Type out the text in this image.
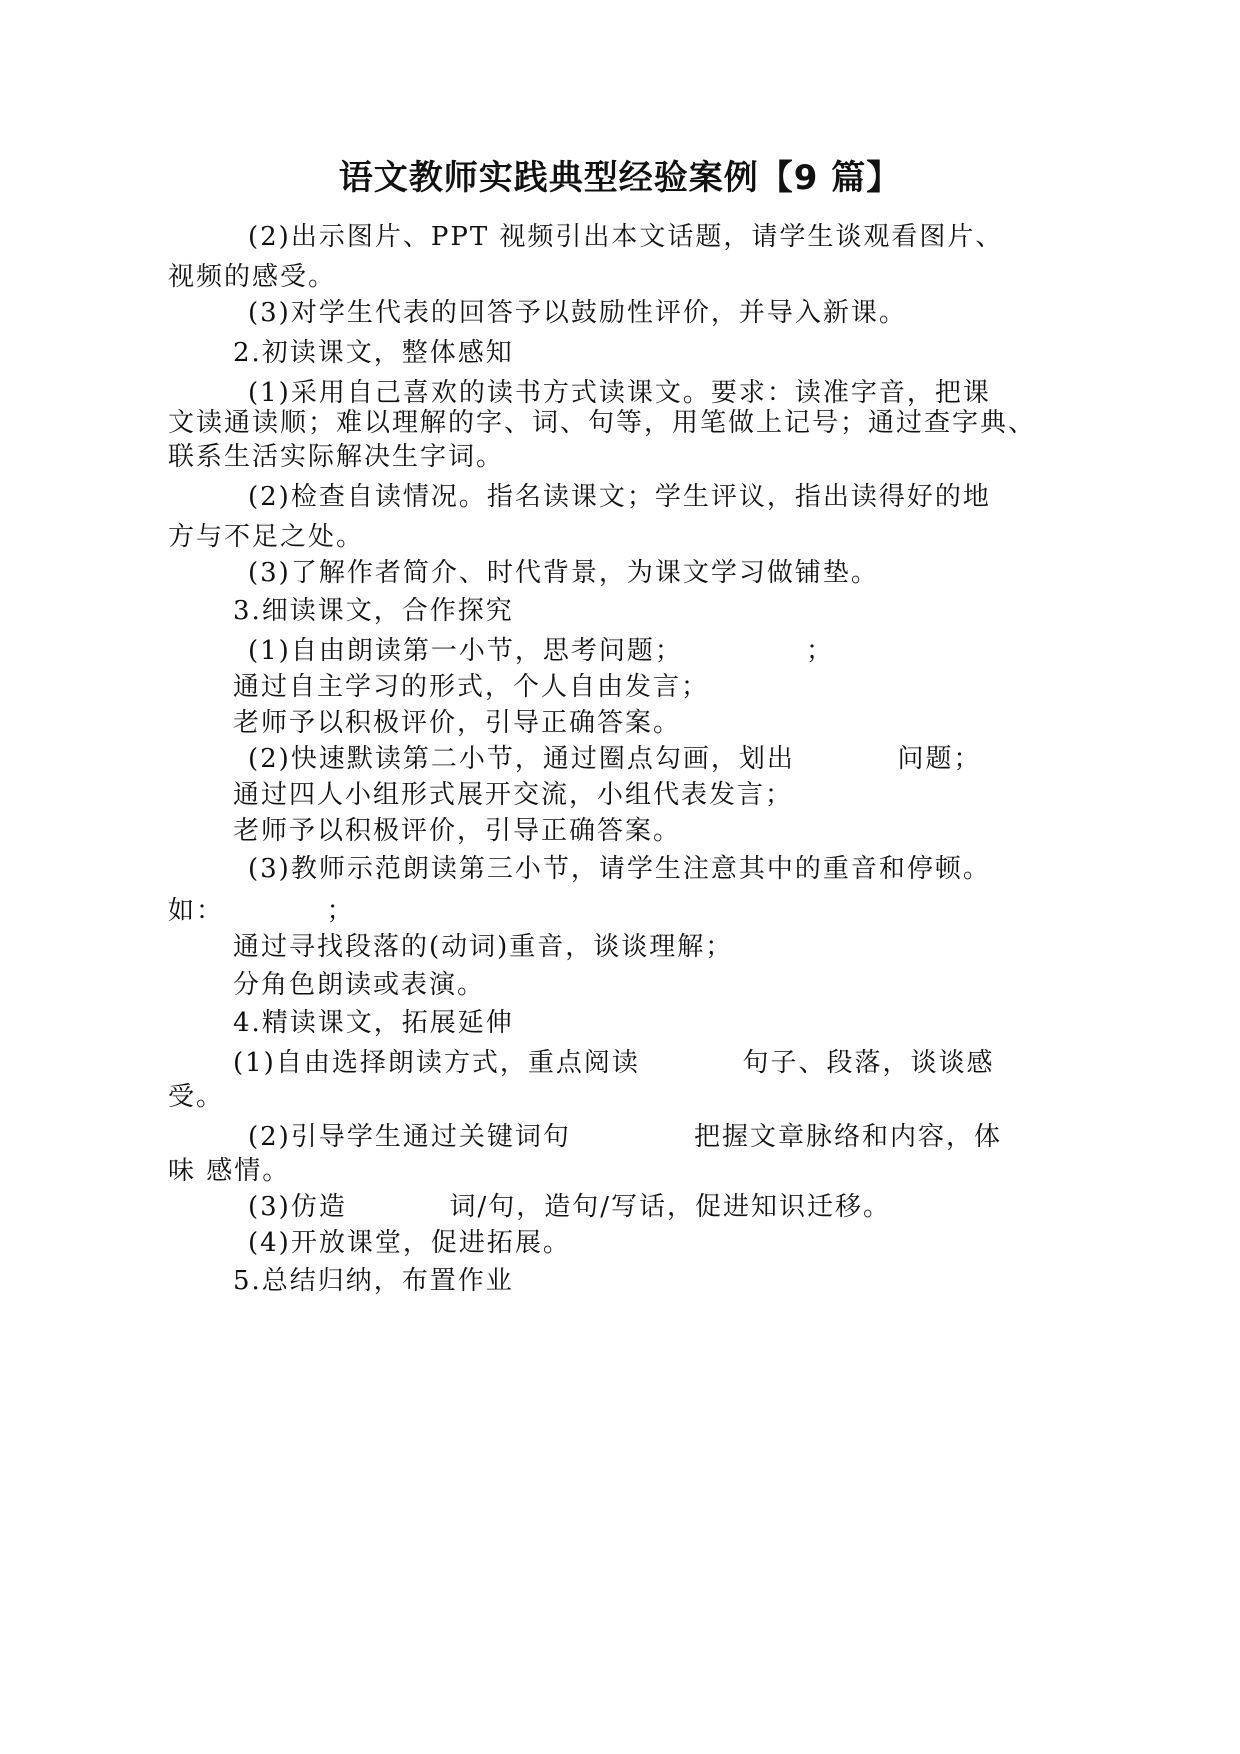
语文教师实践典型经验案例【9 篇】

(2)出示图片、PPT 视频引出本文话题，请学生谈观看图片、

视频的感受。

(3)对学生代表的回答予以鼓励性评价，并导入新课。

2.初读课文，整体感知

(1)采用自己喜欢的读书方式读课文。要求：读准字音，把课

文读通读顺；难以理解的字、词、句等，用笔做上记号；通过查字典、

联系生活实际解决生字词。

(2)检查自读情况。指名读课文；学生评议，指出读得好的地

方与不足之处。

(3)了解作者简介、时代背景，为课文学习做铺垫。

3.细读课文，合作探究

(1)自由朗读第一小节，思考问题；            ；

通过自主学习的形式，个人自由发言；

老师予以积极评价，引导正确答案。

(2)快速默读第二小节，通过圈点勾画，划出          问题；

通过四人小组形式展开交流，小组代表发言；

老师予以积极评价，引导正确答案。

(3)教师示范朗读第三小节，请学生注意其中的重音和停顿。

如：          ；

通过寻找段落的(动词)重音，谈谈理解；

分角色朗读或表演。

4.精读课文，拓展延伸

(1)自由选择朗读方式，重点阅读          句子、段落，谈谈感

受。

(2)引导学生通过关键词句            把握文章脉络和内容，体

味 感情。

(3)仿造          词/句，造句/写话，促进知识迁移。

(4)开放课堂，促进拓展。

5.总结归纳，布置作业
